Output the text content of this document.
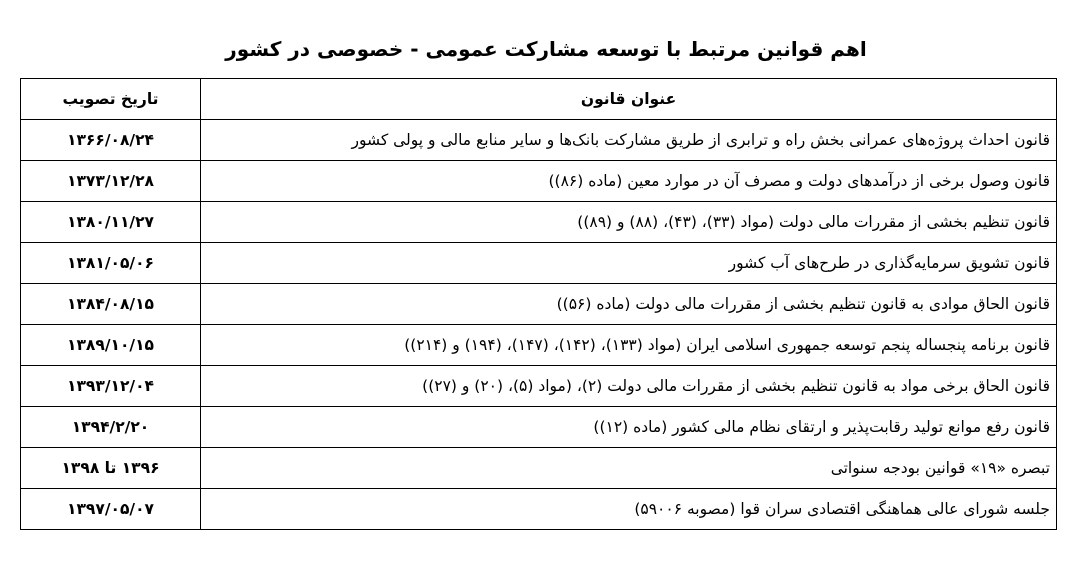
اهم قوانین مرتبط با توسعه مشارکت عمومی - خصوصی در کشور
عنوان قانون	تاریخ تصویب
قانون احداث پروژه‌های عمرانی بخش راه و ترابری از طریق مشارکت بانک‌ها و سایر منابع مالی و پولی کشور	۱۳۶۶/۰۸/۲۴
قانون وصول برخی از درآمدهای دولت و مصرف آن در موارد معین (ماده (۸۶))	۱۳۷۳/۱۲/۲۸
قانون تنظیم بخشی از مقررات مالی دولت (مواد (۳۳)، (۴۳)، (۸۸) و (۸۹))	۱۳۸۰/۱۱/۲۷
قانون تشویق سرمایه‌گذاری در طرح‌های آب کشور	۱۳۸۱/۰۵/۰۶
قانون الحاق موادی به قانون تنظیم بخشی از مقررات مالی دولت (ماده (۵۶))	۱۳۸۴/۰۸/۱۵
قانون برنامه پنجساله پنجم توسعه جمهوری اسلامی ایران (مواد (۱۳۳)، (۱۴۲)، (۱۴۷)، (۱۹۴) و (۲۱۴))	۱۳۸۹/۱۰/۱۵
قانون الحاق برخی مواد به قانون تنظیم بخشی از مقررات مالی دولت (۲)، (مواد (۵)، (۲۰) و (۲۷))	۱۳۹۳/۱۲/۰۴
قانون رفع موانع تولید رقابت‌پذیر و ارتقای نظام مالی کشور (ماده (۱۲))	۱۳۹۴/۲/۲۰
تبصره «۱۹» قوانین بودجه سنواتی	۱۳۹۶ تا ۱۳۹۸
جلسه شورای عالی هماهنگی اقتصادی سران قوا (مصوبه ۵۹۰۰۶)	۱۳۹۷/۰۵/۰۷
